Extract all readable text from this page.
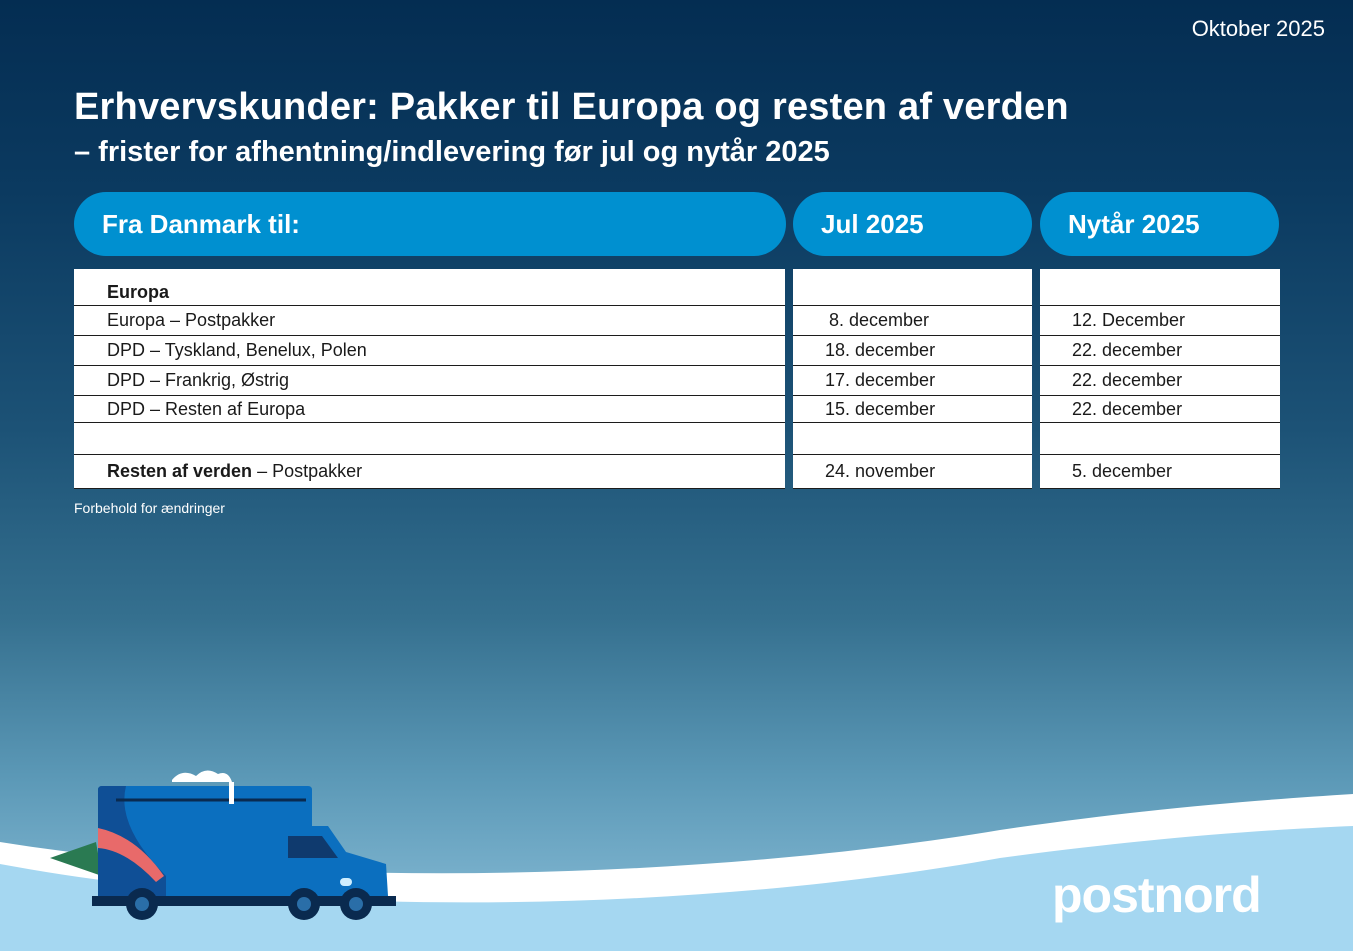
Oktober 2025
Erhvervskunder: Pakker til Europa og resten af verden
– frister for afhentning/indlevering før jul og nytår 2025
Fra Danmark til:	Jul 2025	Nytår 2025
Europa
Europa – Postpakker
DPD – Tyskland, Benelux, Polen
DPD – Frankrig, Østrig
DPD – Resten af Europa
Resten af verden – Postpakker
8. december
18. december
17. december
15. december
24. november
12. December
22. december
22. december
22. december
5. december
Forbehold for ændringer
postnord
